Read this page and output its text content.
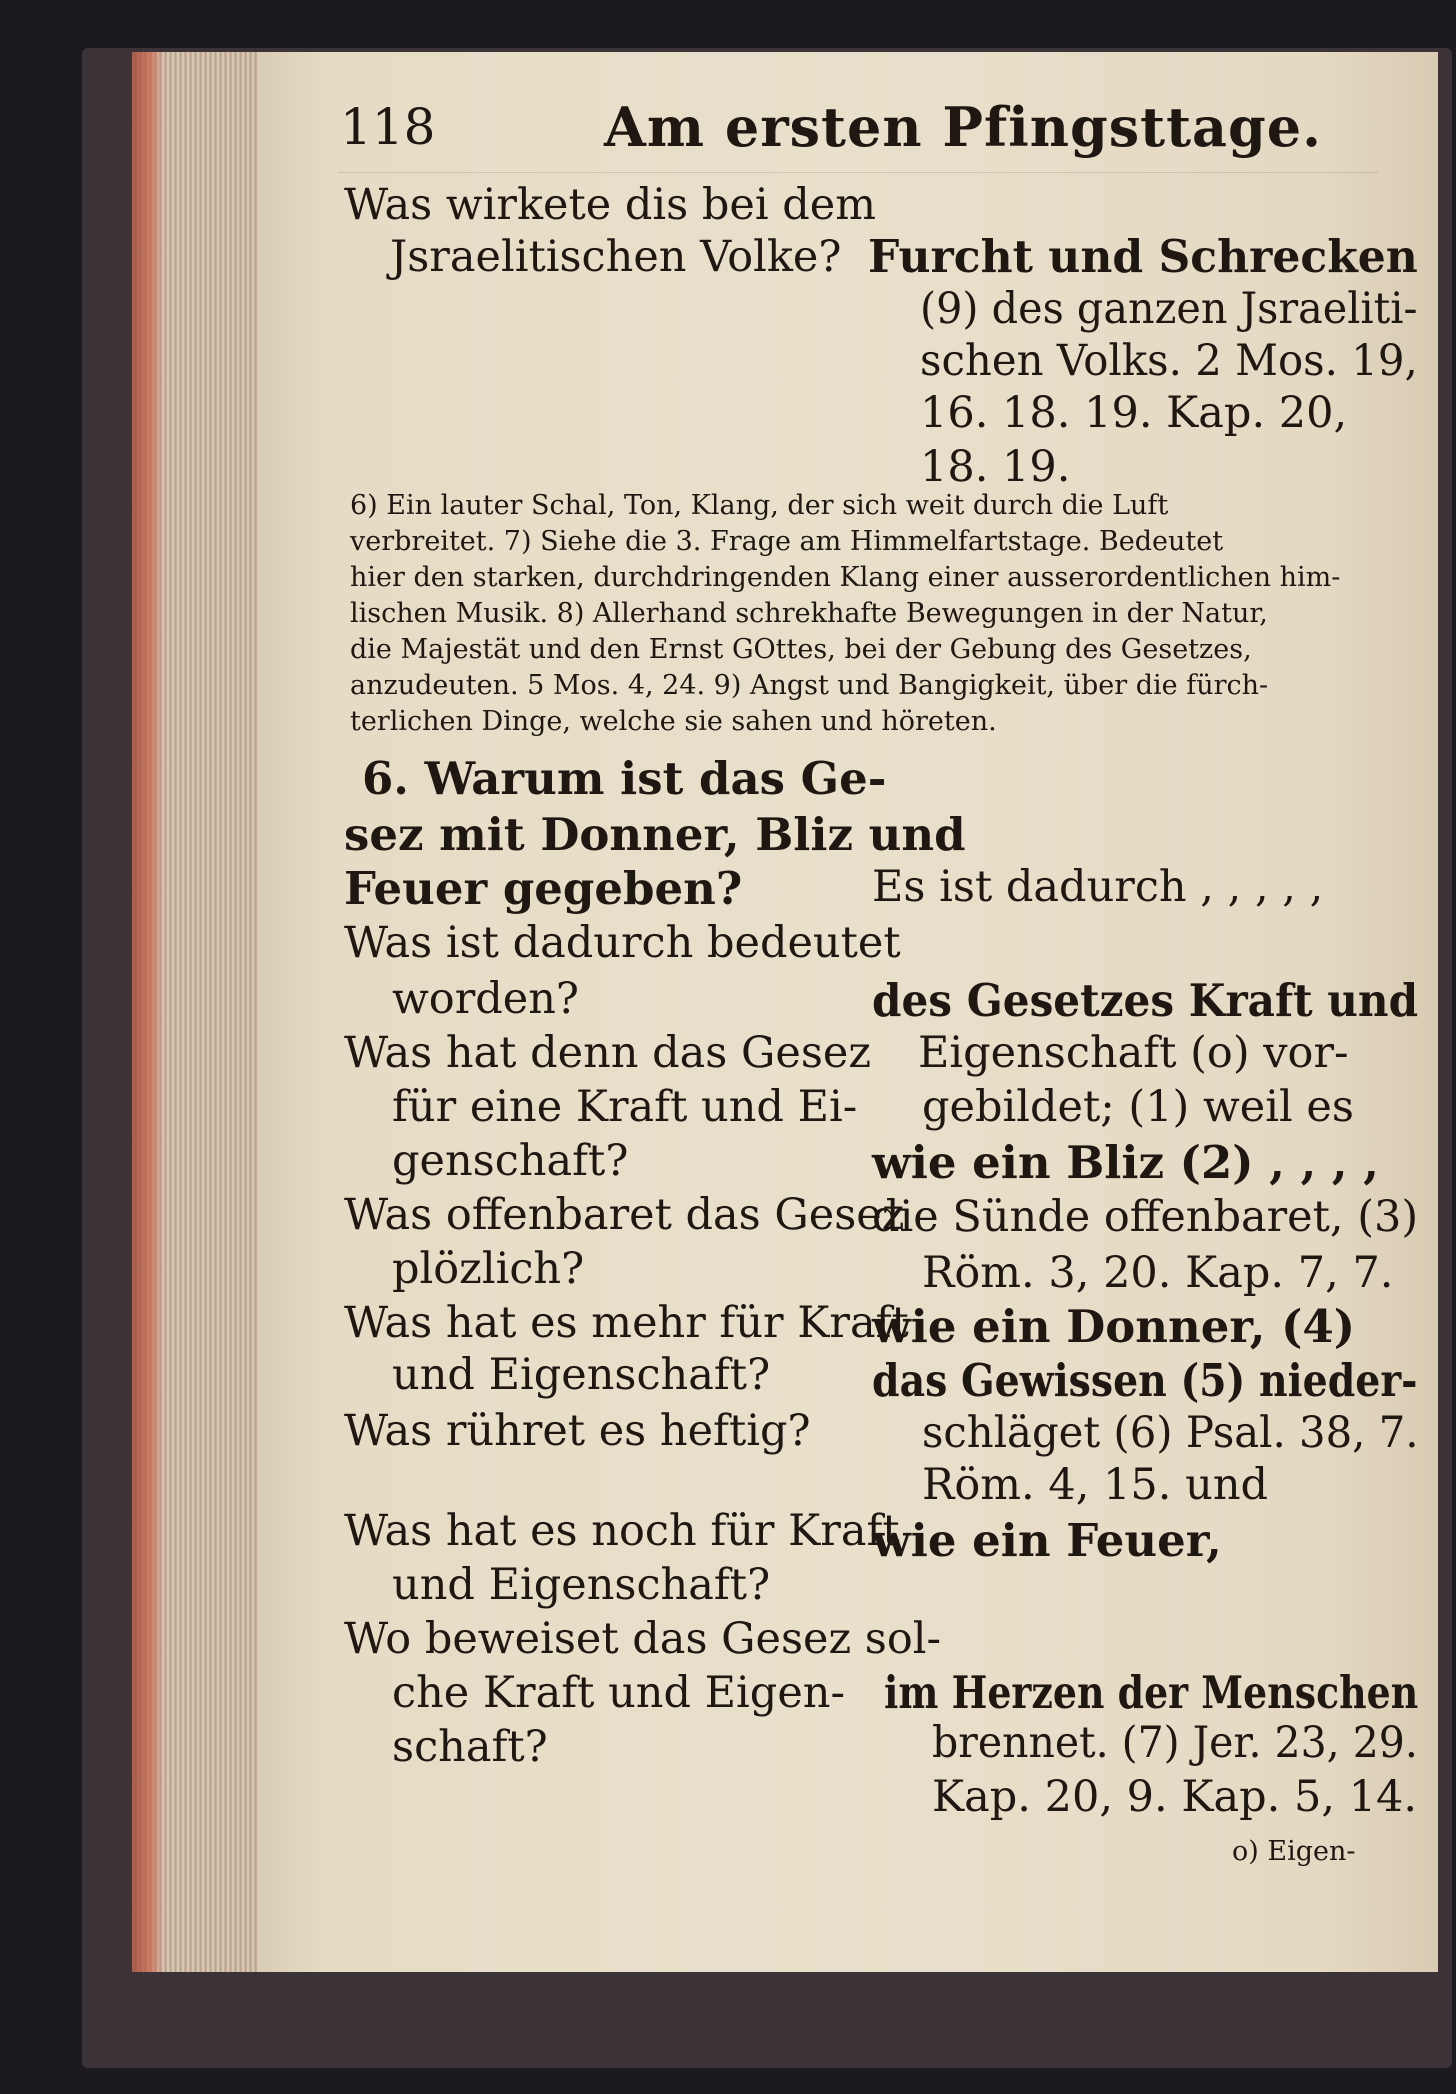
118	Am ersten Pfingsttage.
Was wirkete dis bei dem
Jsraelitischen Volke?
6. Warum ist das Ge-
sez mit Donner, Bliz und
Feuer gegeben?
Was ist dadurch bedeutet
worden?
Was hat denn das Gesez
für eine Kraft und Ei-
genschaft?
Was offenbaret das Gesez
plözlich?
Was hat es mehr für Kraft
und Eigenschaft?
Was rühret es heftig?
Was hat es noch für Kraft
und Eigenschaft?
Wo beweiset das Gesez sol-
che Kraft und Eigen-
schaft?
Furcht und Schrecken
(9) des ganzen Jsraeliti-
schen Volks. 2 Mos. 19,
16. 18. 19. Kap. 20,
18. 19.
Es ist dadurch , , , , ,
des Gesetzes Kraft und
Eigenschaft (o) vor-
gebildet; (1) weil es
wie ein Bliz (2) , , , ,
die Sünde offenbaret, (3)
Röm. 3, 20. Kap. 7, 7.
wie ein Donner, (4)
das Gewissen (5) nieder-
schläget (6) Psal. 38, 7.
Röm. 4, 15. und
wie ein Feuer,
im Herzen der Menschen
brennet. (7) Jer. 23, 29.
Kap. 20, 9. Kap. 5, 14.
o) Eigen-
6) Ein lauter Schal, Ton, Klang, der sich weit durch die Luft
verbreitet. 7) Siehe die 3. Frage am Himmelfartstage. Bedeutet
hier den starken, durchdringenden Klang einer ausserordentlichen him-
lischen Musik. 8) Allerhand schrekhafte Bewegungen in der Natur,
die Majestät und den Ernst GOttes, bei der Gebung des Gesetzes,
anzudeuten. 5 Mos. 4, 24. 9) Angst und Bangigkeit, über die fürch-
terlichen Dinge, welche sie sahen und höreten.
